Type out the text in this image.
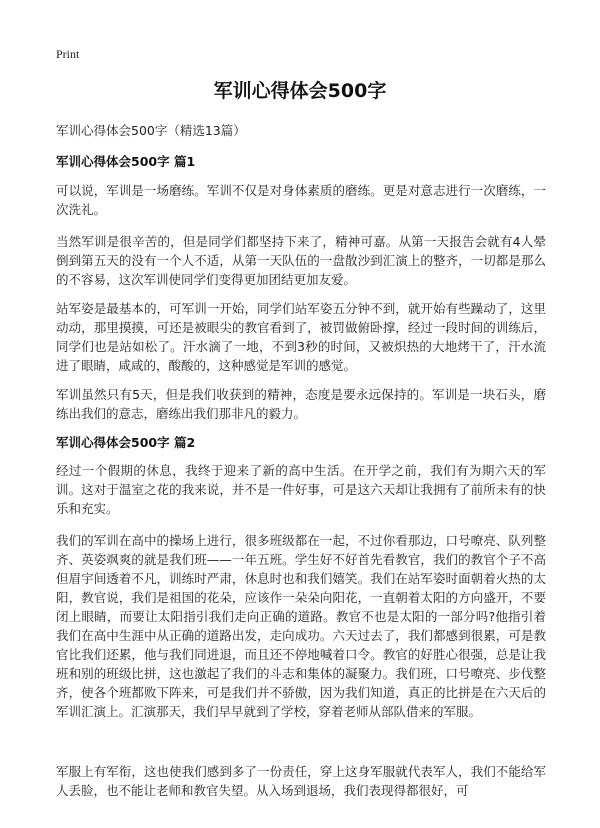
Print
军训心得体会500字
军训心得体会500字（精选13篇）
军训心得体会500字 篇1

可以说，军训是一场磨练。军训不仅是对身体素质的磨练。更是对意志进行一次磨练，一次洗礼。

当然军训是很辛苦的，但是同学们都坚持下来了，精神可嘉。从第一天报告会就有4人晕倒到第五天的没有一个人不适，从第一天队伍的一盘散沙到汇演上的整齐，一切都是那么的不容易，这次军训使同学们变得更加团结更加友爱。

站军姿是最基本的，可军训一开始，同学们站军姿五分钟不到，就开始有些躁动了，这里动动，那里摸摸，可还是被眼尖的教官看到了，被罚做俯卧撑，经过一段时间的训练后，同学们也是站如松了。汗水滴了一地，不到3秒的时间，又被炽热的大地烤干了，汗水流进了眼睛，咸咸的，酸酸的，这种感觉是军训的感觉。

军训虽然只有5天，但是我们收获到的精神，态度是要永远保持的。军训是一块石头，磨练出我们的意志，磨练出我们那非凡的毅力。

军训心得体会500字 篇2

经过一个假期的休息，我终于迎来了新的高中生活。在开学之前，我们有为期六天的军训。这对于温室之花的我来说，并不是一件好事，可是这六天却让我拥有了前所未有的快乐和充实。

我们的军训在高中的操场上进行，很多班级都在一起，不过你看那边，口号嘹亮、队列整齐、英姿飒爽的就是我们班——一年五班。学生好不好首先看教官，我们的教官个子不高但眉宇间透着不凡，训练时严肃，休息时也和我们嬉笑。我们在站军姿时面朝着火热的太阳，教官说，我们是祖国的花朵，应该作一朵朵向阳花，一直朝着太阳的方向盛开，不要闭上眼睛，而要让太阳指引我们走向正确的道路。教官不也是太阳的一部分吗?他指引着我们在高中生涯中从正确的道路出发，走向成功。六天过去了，我们都感到很累，可是教官比我们还累，他与我们同进退，而且还不停地喊着口令。教官的好胜心很强，总是让我班和别的班级比拼，这也激起了我们的斗志和集体的凝聚力。我们班，口号嘹亮、步伐整齐，使各个班都败下阵来，可是我们并不骄傲，因为我们知道，真正的比拼是在六天后的军训汇演上。汇演那天，我们早早就到了学校，穿着老师从部队借来的军服。

军服上有军衔，这也使我们感到多了一份责任，穿上这身军服就代表军人，我们不能给军人丢脸，也不能让老师和教官失望。从入场到退场，我们表现得都很好，可
